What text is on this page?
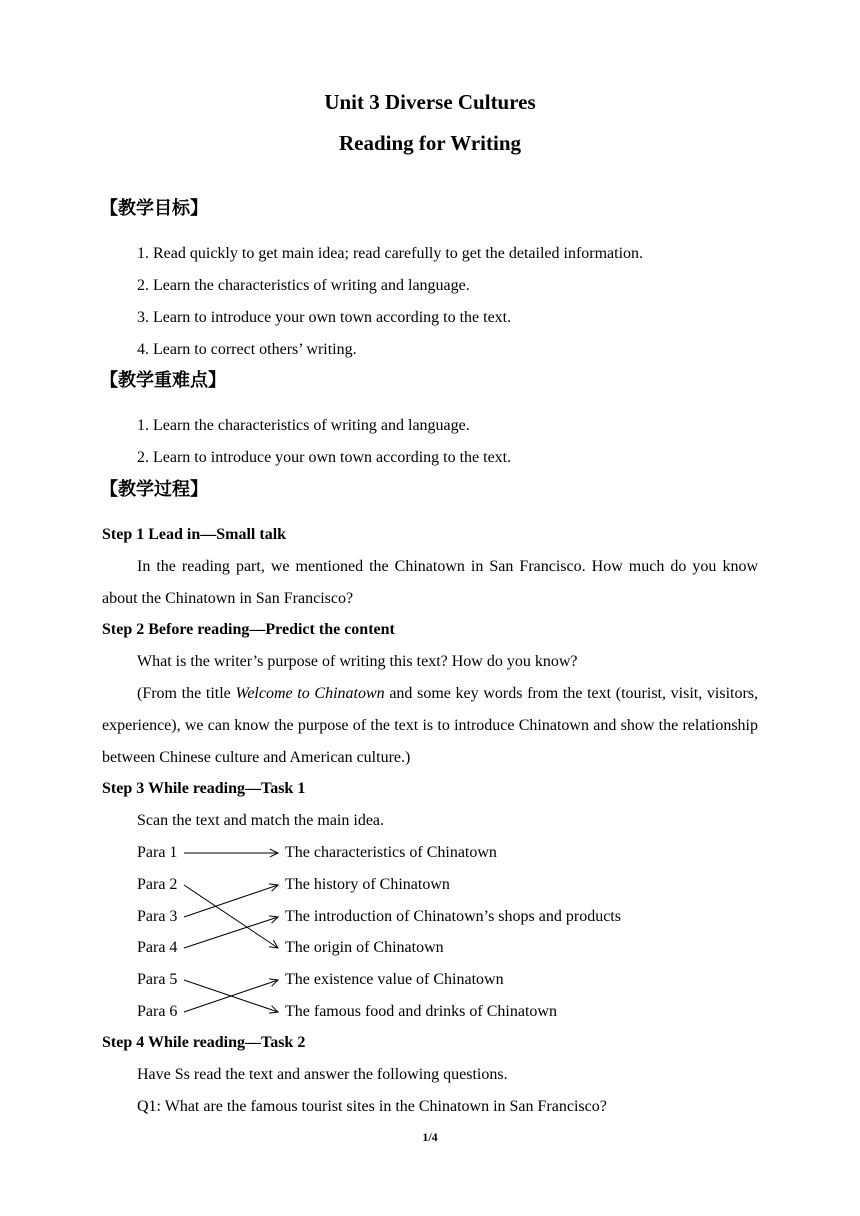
Unit 3 Diverse Cultures
Reading for Writing
【教学目标】
1. Read quickly to get main idea; read carefully to get the detailed information.
2. Learn the characteristics of writing and language.
3. Learn to introduce your own town according to the text.
4. Learn to correct others’ writing.
【教学重难点】
1. Learn the characteristics of writing and language.
2. Learn to introduce your own town according to the text.
【教学过程】
Step 1 Lead in—Small talk
In the reading part, we mentioned the Chinatown in San Francisco. How much do you know about the Chinatown in San Francisco?
Step 2 Before reading—Predict the content
What is the writer’s purpose of writing this text? How do you know?
(From the title Welcome to Chinatown and some key words from the text (tourist, visit, visitors, experience), we can know the purpose of the text is to introduce Chinatown and show the relationship between Chinese culture and American culture.)
Step 3 While reading—Task 1
Scan the text and match the main idea.
Para 1
Para 2
Para 3
Para 4
Para 5
Para 6
The characteristics of Chinatown
The history of Chinatown
The introduction of Chinatown’s shops and products
The origin of Chinatown
The existence value of Chinatown
The famous food and drinks of Chinatown
Step 4 While reading—Task 2
Have Ss read the text and answer the following questions.
Q1: What are the famous tourist sites in the Chinatown in San Francisco?
1/4
